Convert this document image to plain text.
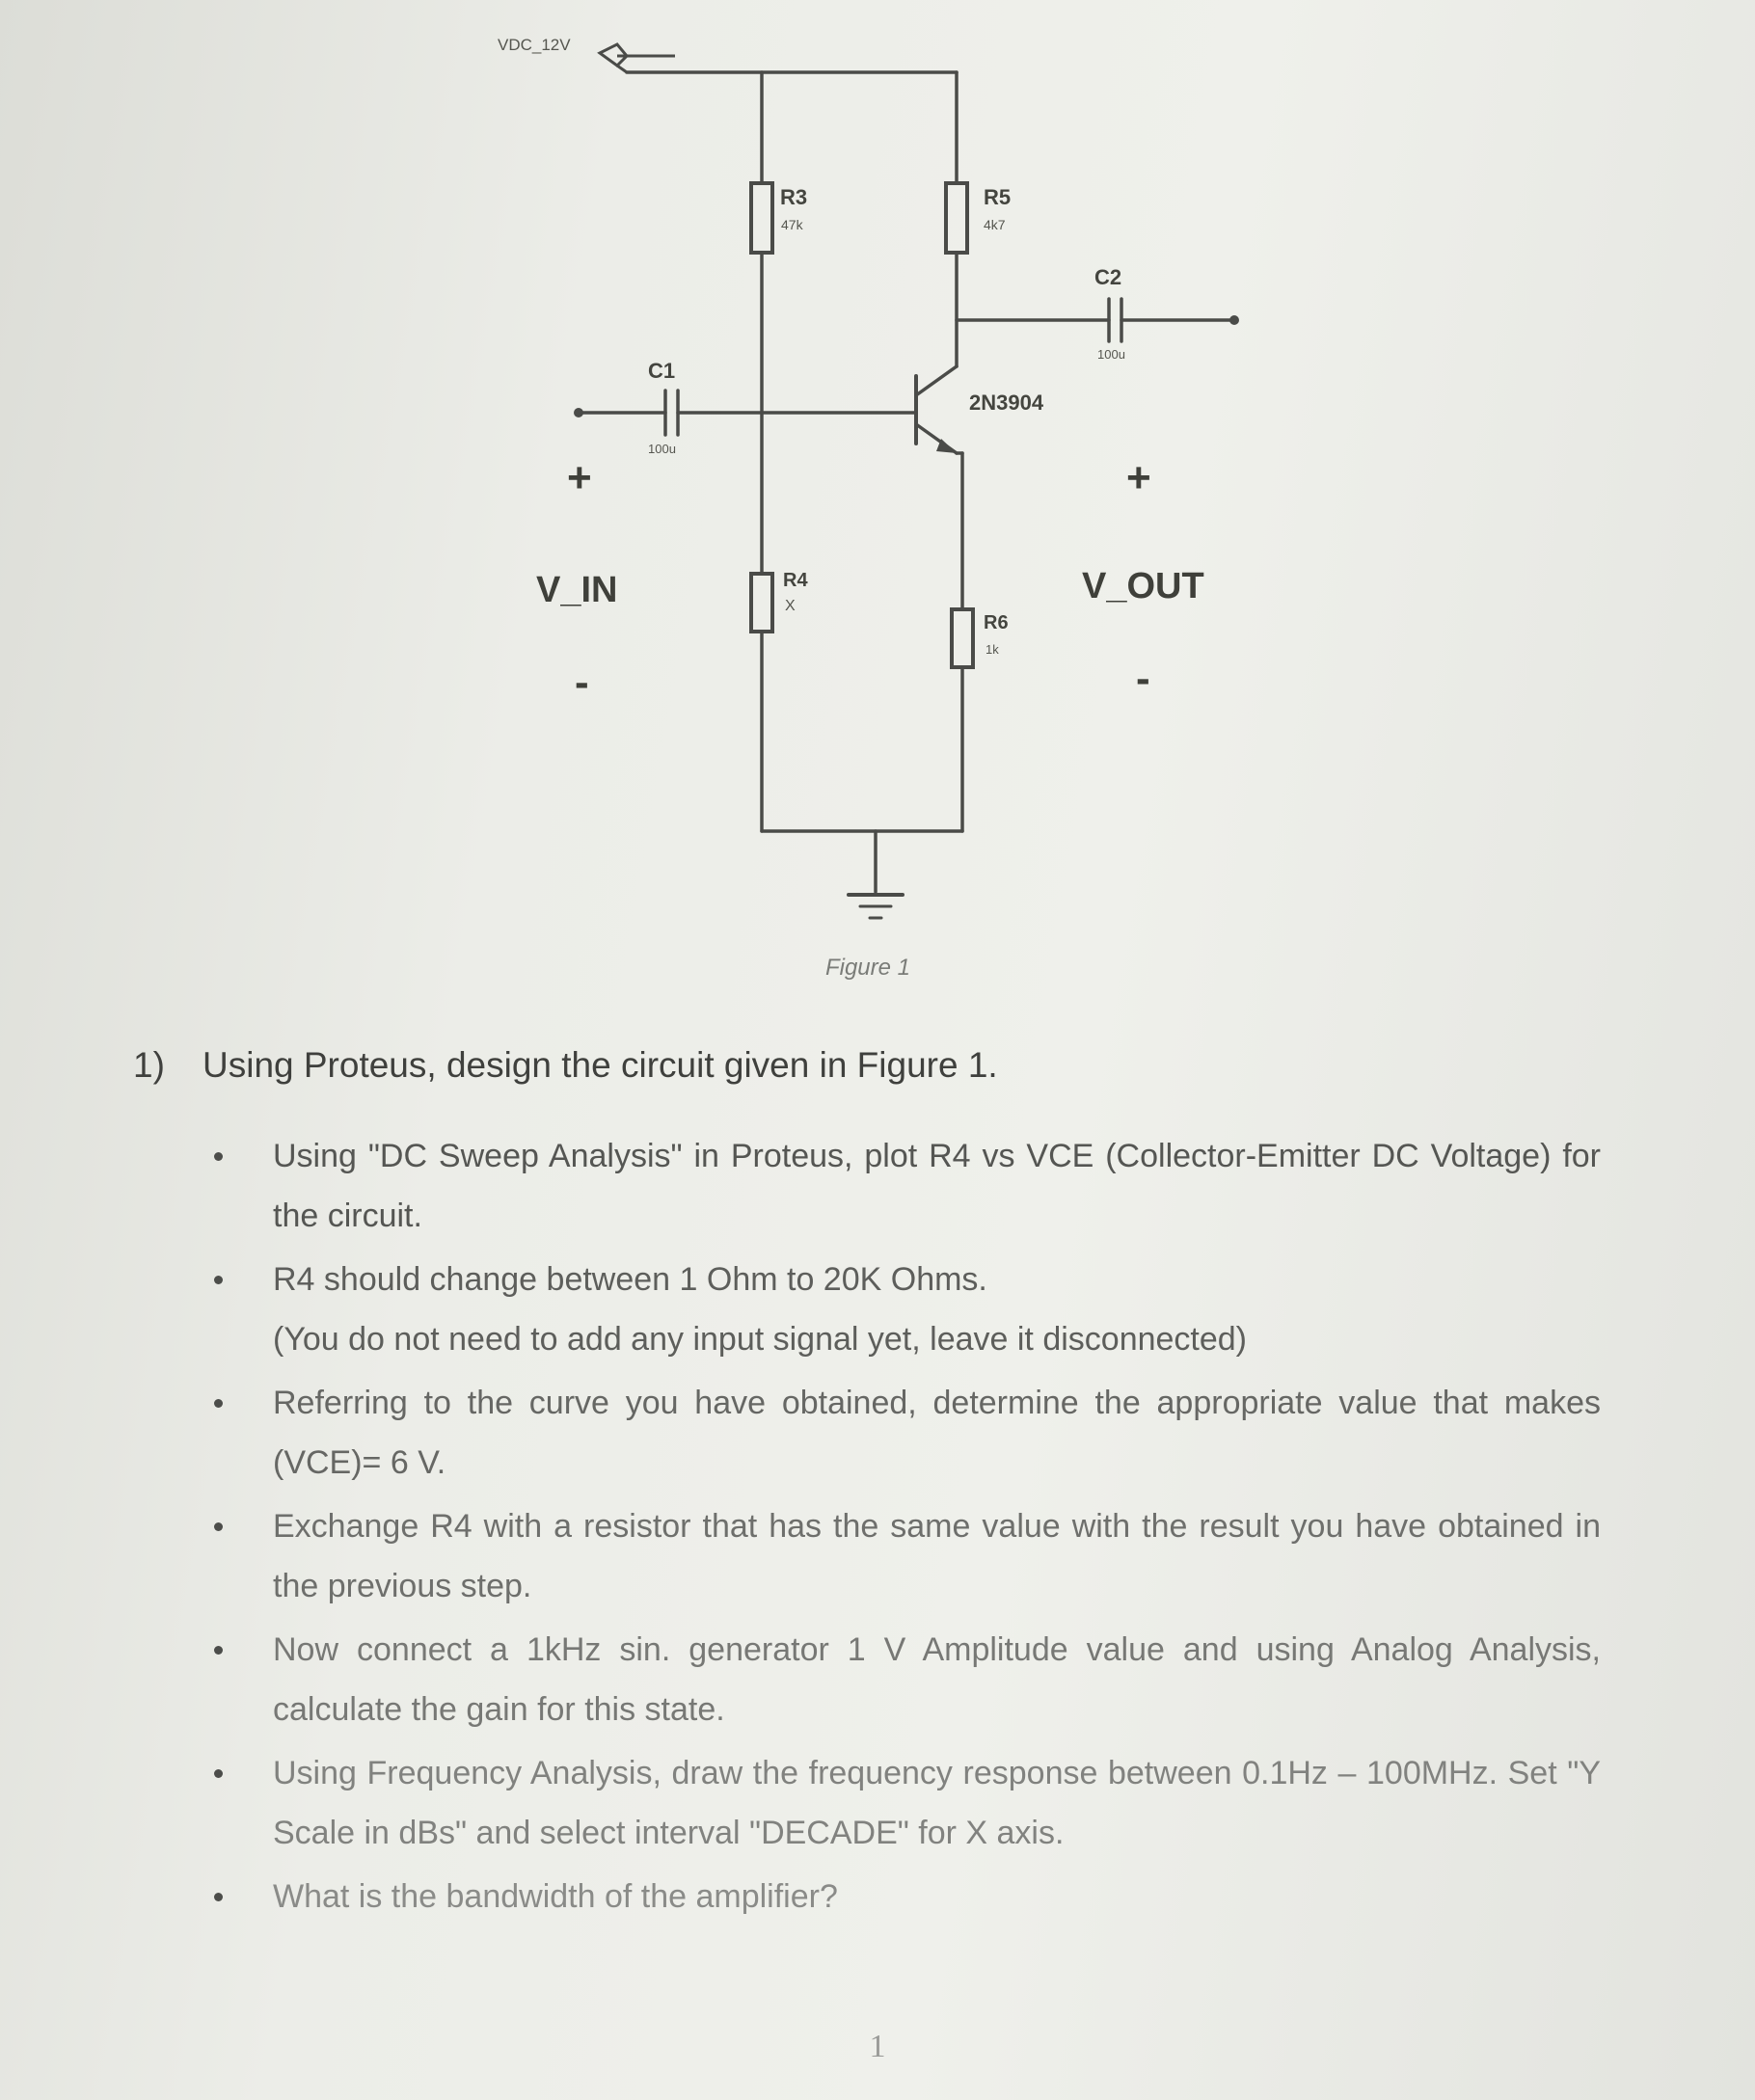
VDC_12V
R3
47k
R5
4k7
C2
100u
C1
100u
2N3904
R4
X
R6
1k
+
V_IN
-
+
V_OUT
-
Figure 1
1) Using Proteus, design the circuit given in Figure 1.
Using "DC Sweep Analysis" in Proteus, plot R4 vs VCE (Collector-Emitter DC Voltage) for the circuit.
R4 should change between 1 Ohm to 20K Ohms.
(You do not need to add any input signal yet, leave it disconnected)
Referring to the curve you have obtained, determine the appropriate value that makes (VCE)= 6 V.
Exchange R4 with a resistor that has the same value with the result you have obtained in the previous step.
Now connect a 1kHz sin. generator 1 V Amplitude value and using Analog Analysis, calculate the gain for this state.
Using Frequency Analysis, draw the frequency response between 0.1Hz – 100MHz. Set "Y Scale in dBs" and select interval "DECADE" for X axis.
What is the bandwidth of the amplifier?
1
